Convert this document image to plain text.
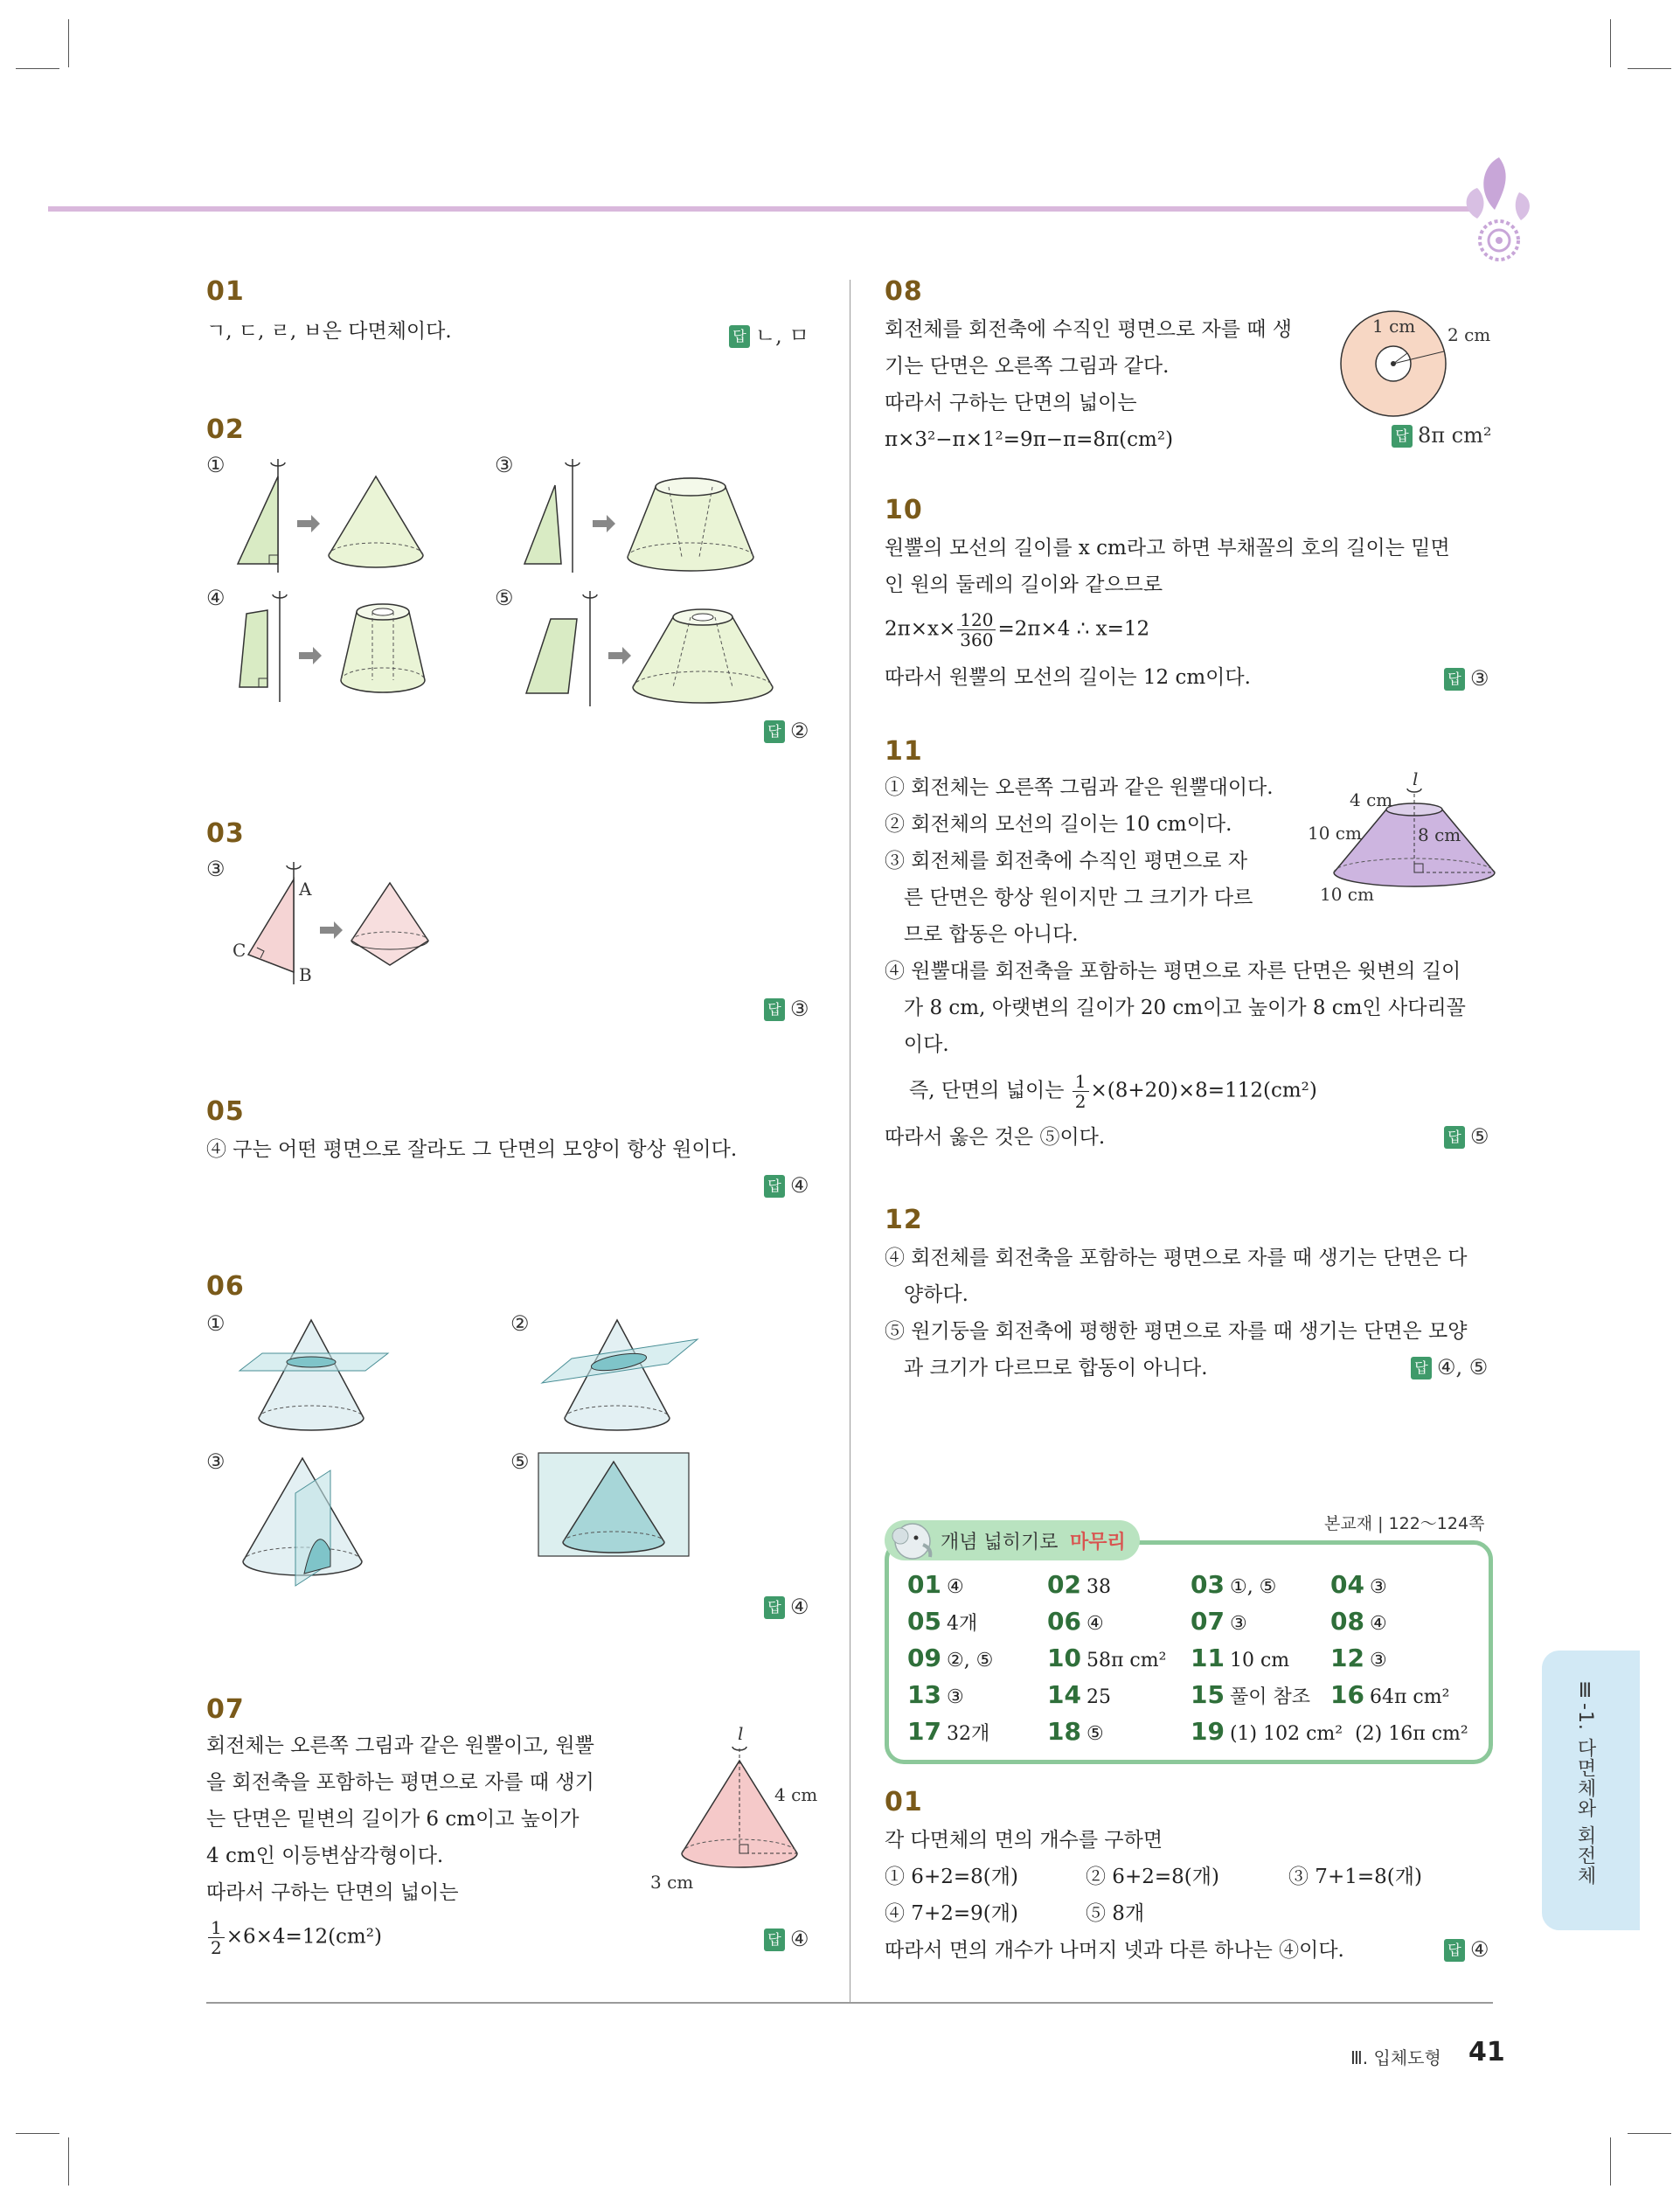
01
ㄱ, ㄷ, ㄹ, ㅂ은 다면체이다.	답 ㄴ, ㅁ
02
①	③
④	⑤
답 ②
03
③
A
C
B
답 ③
05
④ 구는 어떤 평면으로 잘라도 그 단면의 모양이 항상 원이다.
답 ④
06
①	②
③	⑤
답 ④
07
회전체는 오른쪽 그림과 같은 원뿔이고, 원뿔
을 회전축을 포함하는 평면으로 자를 때 생기
는 단면은 밑변의 길이가 6 cm이고 높이가
4 cm인 이등변삼각형이다.
따라서 구하는 단면의 넓이는
$\frac{1}{2} \times 6\times 4=12(cm^2)$
l
4 cm
3 cm
답 ④
08
회전체를 회전축에 수직인 평면으로 자를 때 생
기는 단면은 오른쪽 그림과 같다.
따라서 구하는 단면의 넓이는
π×3²−π×1²=9π−π=8π(cm²)
1 cm 2 cm
답 8π cm²
10
원뿔의 모선의 길이를 x cm라고 하면 부채꼴의 호의 길이는 밑면
인 원의 둘레의 길이와 같으므로
$2\pi\times x\times \frac{120}{360} =2\pi\times 4$ ∴ x=12
따라서 원뿔의 모선의 길이는 12 cm이다.	답 ③
11
① 회전체는 오른쪽 그림과 같은 원뿔대이다.
② 회전체의 모선의 길이는 10 cm이다.
③ 회전체를 회전축에 수직인 평면으로 자
른 단면은 항상 원이지만 그 크기가 다르
므로 합동은 아니다.
④ 원뿔대를 회전축을 포함하는 평면으로 자른 단면은 윗변의 길이
가 8 cm, 아랫변의 길이가 20 cm이고 높이가 8 cm인 사다리꼴
이다.
즉, 단면의 넓이는 $\frac{1}{2} \times(8+20)\times 8=112(cm^2)$
따라서 옳은 것은 ⑤이다.
l
4 cm
10 cm	8 cm
10 cm
답 ⑤
12
④ 회전체를 회전축을 포함하는 평면으로 자를 때 생기는 단면은 다
양하다.
⑤ 원기둥을 회전축에 평행한 평면으로 자를 때 생기는 단면은 모양
과 크기가 다르므로 합동이 아니다.	답 ④, ⑤
본교재 | 122～124쪽
개념 넓히기로 마무리
01 ④	02 38	03 ①, ⑤ 04 ③
05 4개	06 ④	07 ③	08 ④
09 ②, ⑤ 10 58π cm² 11 10 cm 12 ③
13 ③	14 25	15 풀이 참조 16 64π cm²
17 32개 18 ⑤	19 (1) 102 cm²  (2) 16π cm²
01
각 다면체의 면의 개수를 구하면
① 6+2=8(개)	② 6+2=8(개)	③ 7+1=8(개)
④ 7+2=9(개)	⑤ 8개
따라서 면의 개수가 나머지 넷과 다른 하나는 ④이다.	답 ④
Ⅲ-1. 다면체와 회전체
Ⅲ. 입체도형 41
